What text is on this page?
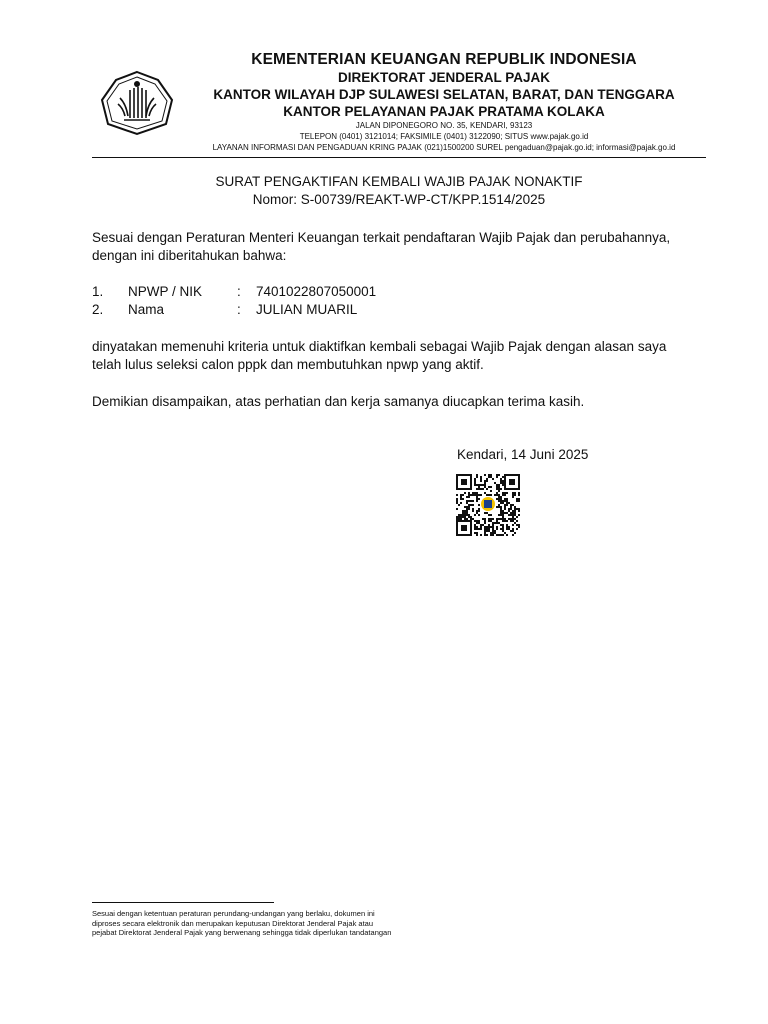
KEMENTERIAN KEUANGAN REPUBLIK INDONESIA
DIREKTORAT JENDERAL PAJAK
KANTOR WILAYAH DJP SULAWESI SELATAN, BARAT, DAN TENGGARA
KANTOR PELAYANAN PAJAK PRATAMA KOLAKA
JALAN DIPONEGORO NO. 35, KENDARI, 93123
TELEPON (0401) 3121014; FAKSIMILE (0401) 3122090; SITUS www.pajak.go.id
LAYANAN INFORMASI DAN PENGADUAN KRING PAJAK (021)1500200 SUREL pengaduan@pajak.go.id; informasi@pajak.go.id
SURAT PENGAKTIFAN KEMBALI WAJIB PAJAK NONAKTIF
Nomor: S-00739/REAKT-WP-CT/KPP.1514/2025
Sesuai dengan Peraturan Menteri Keuangan terkait pendaftaran Wajib Pajak dan perubahannya,
dengan ini diberitahukan bahwa:
1. NPWP / NIK	: 7401022807050001
2. Nama	: JULIAN MUARIL
dinyatakan memenuhi kriteria untuk diaktifkan kembali sebagai Wajib Pajak dengan alasan saya
telah lulus seleksi calon pppk dan membutuhkan npwp yang aktif.
Demikian disampaikan, atas perhatian dan kerja samanya diucapkan terima kasih.
Kendari, 14 Juni 2025
Sesuai dengan ketentuan peraturan perundang-undangan yang berlaku, dokumen ini
diproses secara elektronik dan merupakan keputusan Direktorat Jenderal Pajak atau
pejabat Direktorat Jenderal Pajak yang berwenang sehingga tidak diperlukan tandatangan
